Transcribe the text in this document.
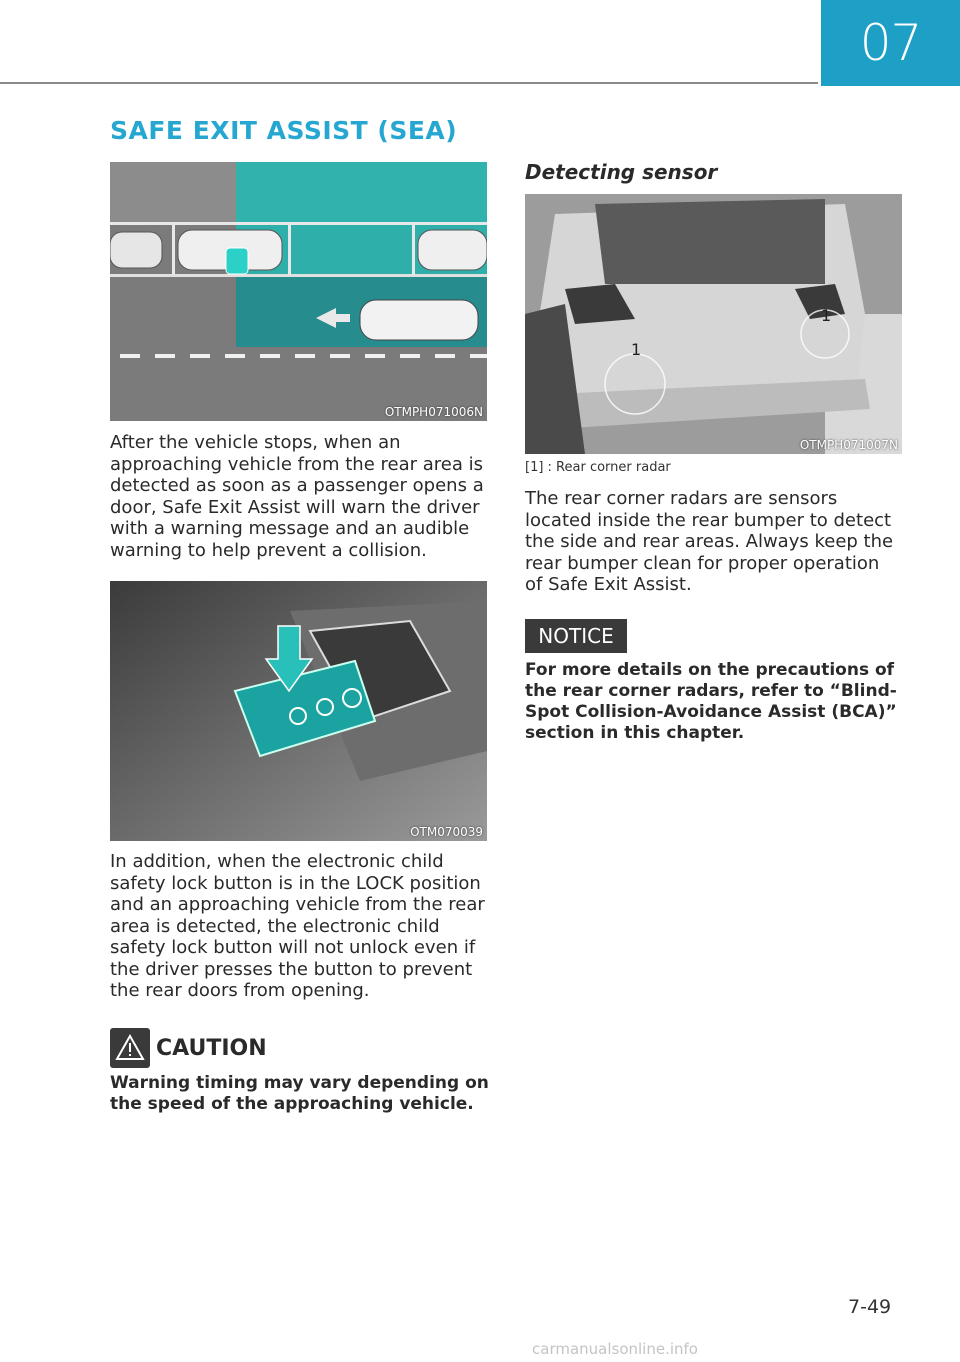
07
SAFE EXIT ASSIST (SEA)
OTMPH071006N

After the vehicle stops, when an approaching vehicle from the rear area is detected as soon as a passenger opens a door, Safe Exit Assist will warn the driver with a warning message and an audible warning to help prevent a collision.

OTM070039

In addition, when the electronic child safety lock button is in the LOCK position and an approaching vehicle from the rear area is detected, the electronic child safety lock button will not unlock even if the driver presses the button to prevent the rear doors from opening.

CAUTION

Warning timing may vary depending on the speed of the approaching vehicle.

Detecting sensor
1
1
OTMPH071007N
[1] : Rear corner radar

The rear corner radars are sensors located inside the rear bumper to detect the side and rear areas. Always keep the rear bumper clean for proper operation of Safe Exit Assist.

NOTICE

For more details on the precautions of the rear corner radars, refer to “Blind-Spot Collision-Avoidance Assist (BCA)” section in this chapter.

7-49
carmanualsonline.info
